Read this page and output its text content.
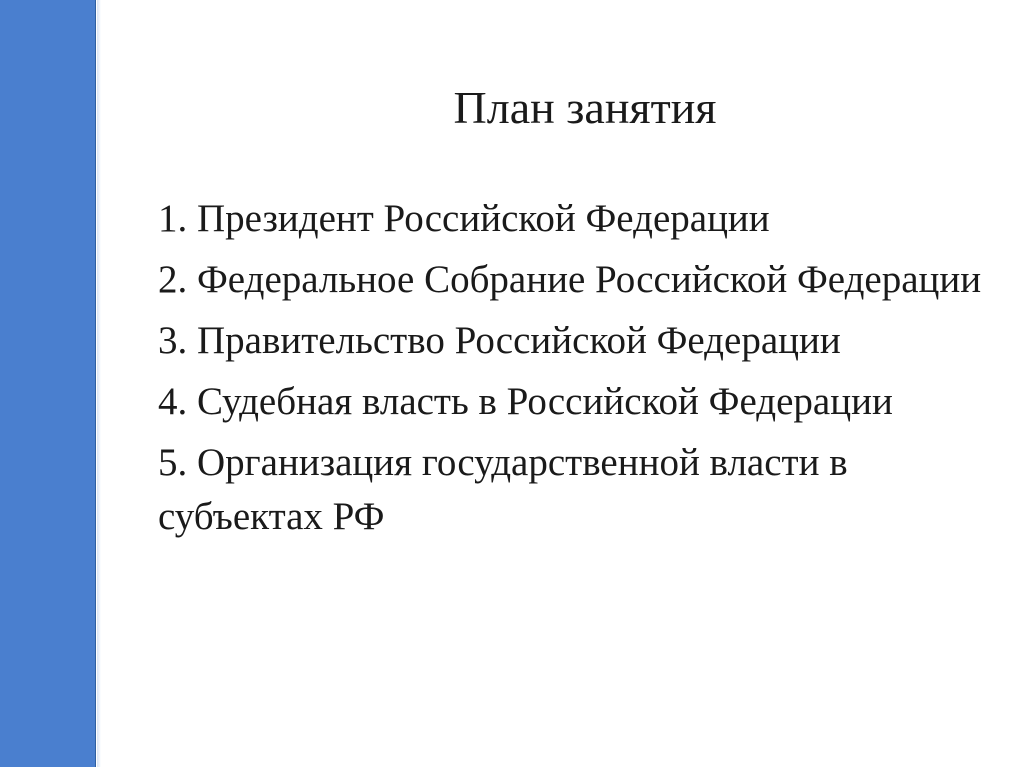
План занятия
1. Президент Российской Федерации
2. Федеральное Собрание Российской Федерации
3. Правительство Российской Федерации
4. Судебная власть в Российской Федерации
5. Организация государственной власти в субъектах РФ
